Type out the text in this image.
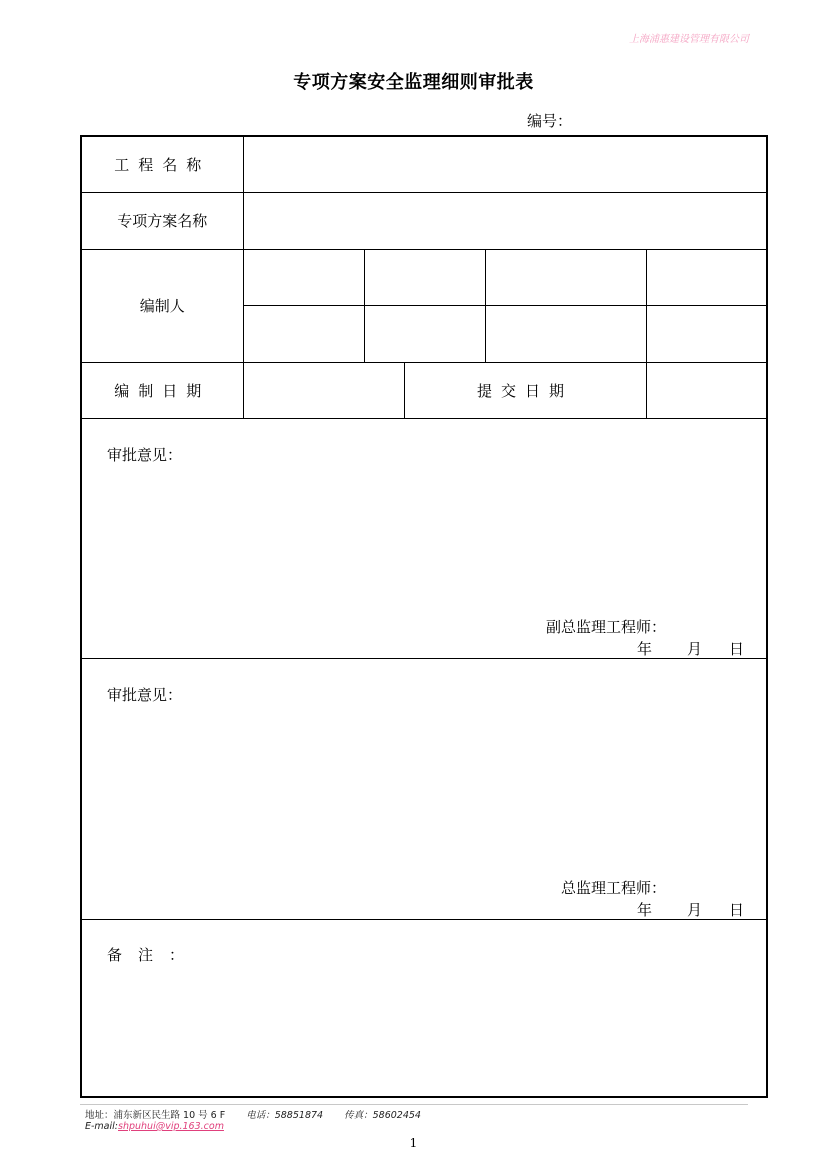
上海浦惠建设管理有限公司
专项方案安全监理细则审批表
编号：
工程名称					
专项方案名称					
编制人					

编制日期			提交日期		

审批意见：
副总监理工程师：
年 月 日					

审批意见：
总监理工程师：
年 月 日					

备注：					
地址：浦东新区民生路 10 号 6 F 电话：58851874 传真：58602454
E-mail:shpuhui@vip.163.com
1
